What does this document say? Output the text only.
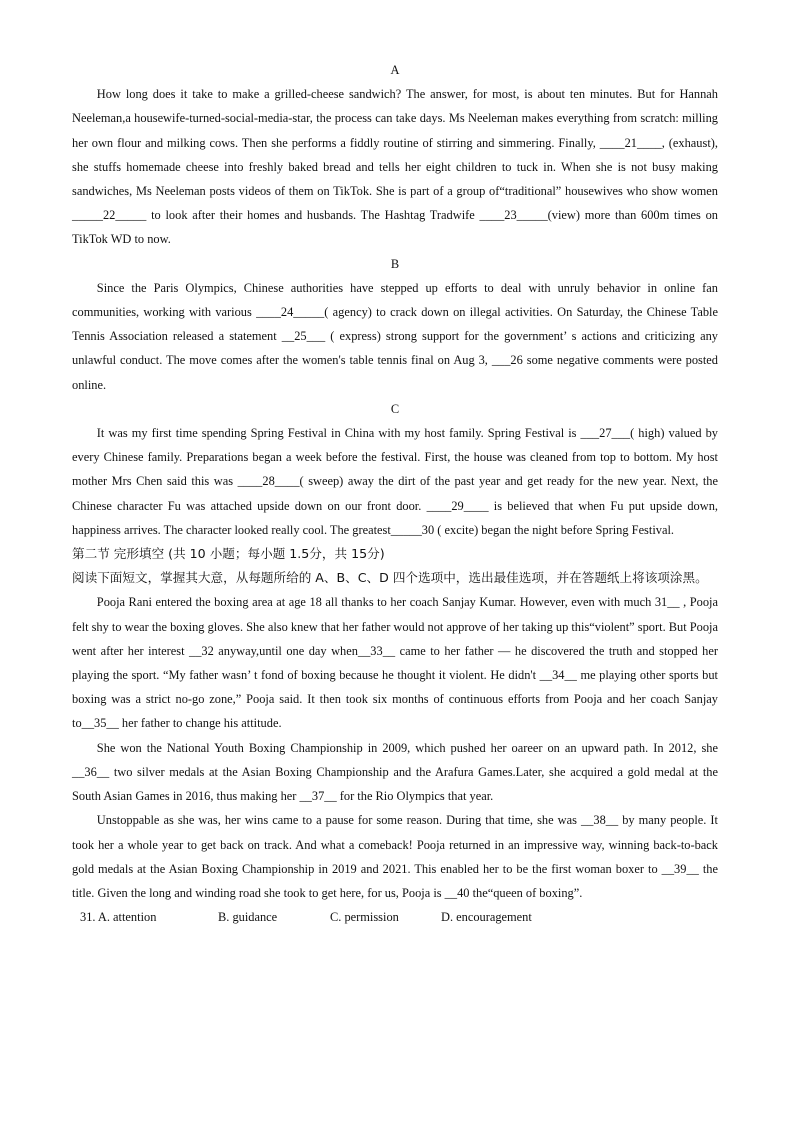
A

How long does it take to make a grilled-cheese sandwich? The answer, for most, is about ten minutes. But for Hannah Neeleman,a housewife-turned-social-media-star, the process can take days. Ms Neeleman makes everything from scratch: milling her own flour and milking cows. Then she performs a fiddly routine of stirring and simmering. Finally, ____21____, (exhaust), she stuffs homemade cheese into freshly baked bread and tells her eight children to tuck in. When she is not busy making sandwiches, Ms Neeleman posts videos of them on TikTok. She is part of a group of“traditional” housewives who show women _____22_____ to look after their homes and husbands. The Hashtag Tradwife ____23_____(view) more than 600m times on TikTok WD to now.

B

Since the Paris Olympics, Chinese authorities have stepped up efforts to deal with unruly behavior in online fan communities, working with various ____24_____( agency) to crack down on illegal activities. On Saturday, the Chinese Table Tennis Association released a statement __25___ ( express) strong support for the government’ s actions and criticizing any unlawful conduct. The move comes after the women's table tennis final on Aug 3, ___26 some negative comments were posted online.

C

It was my first time spending Spring Festival in China with my host family. Spring Festival is ___27___( high) valued by every Chinese family. Preparations began a week before the festival. First, the house was cleaned from top to bottom. My host mother Mrs Chen said this was ____28____( sweep) away the dirt of the past year and get ready for the new year. Next, the Chinese character Fu was attached upside down on our front door. ____29____ is believed that when Fu put upside down, happiness arrives. The character looked really cool. The greatest_____30 ( excite) began the night before Spring Festival.

第二节 完形填空 (共 10 小题；每小题 1.5分，共 15分)

阅读下面短文，掌握其大意，从每题所给的 A、B、C、D 四个选项中，选出最佳选项，并在答题纸上将该项涂黑。

Pooja Rani entered the boxing area at age 18 all thanks to her coach Sanjay Kumar. However, even with much 31__ , Pooja felt shy to wear the boxing gloves. She also knew that her father would not approve of her taking up this“violent” sport. But Pooja went after her interest __32 anyway,until one day when__33__ came to her father — he discovered the truth and stopped her playing the sport. “My father wasn’ t fond of boxing because he thought it violent. He didn't __34__ me playing other sports but boxing was a strict no-go zone,” Pooja said. It then took six months of continuous efforts from Pooja and her coach Sanjay to__35__ her father to change his attitude.

She won the National Youth Boxing Championship in 2009, which pushed her oareer on an upward path. In 2012, she __36__ two silver medals at the Asian Boxing Championship and the Arafura Games.Later, she acquired a gold medal at the South Asian Games in 2016, thus making her __37__ for the Rio Olympics that year.

Unstoppable as she was, her wins came to a pause for some reason. During that time, she was __38__ by many people. It took her a whole year to get back on track. And what a comeback! Pooja returned in an impressive way, winning back-to-back gold medals at the Asian Boxing Championship in 2019 and 2021. This enabled her to be the first woman boxer to __39__ the title. Given the long and winding road she took to get here, for us, Pooja is __40 the“queen of boxing”.

31. A. attention	B. guidance	C. permission	D. encouragement
